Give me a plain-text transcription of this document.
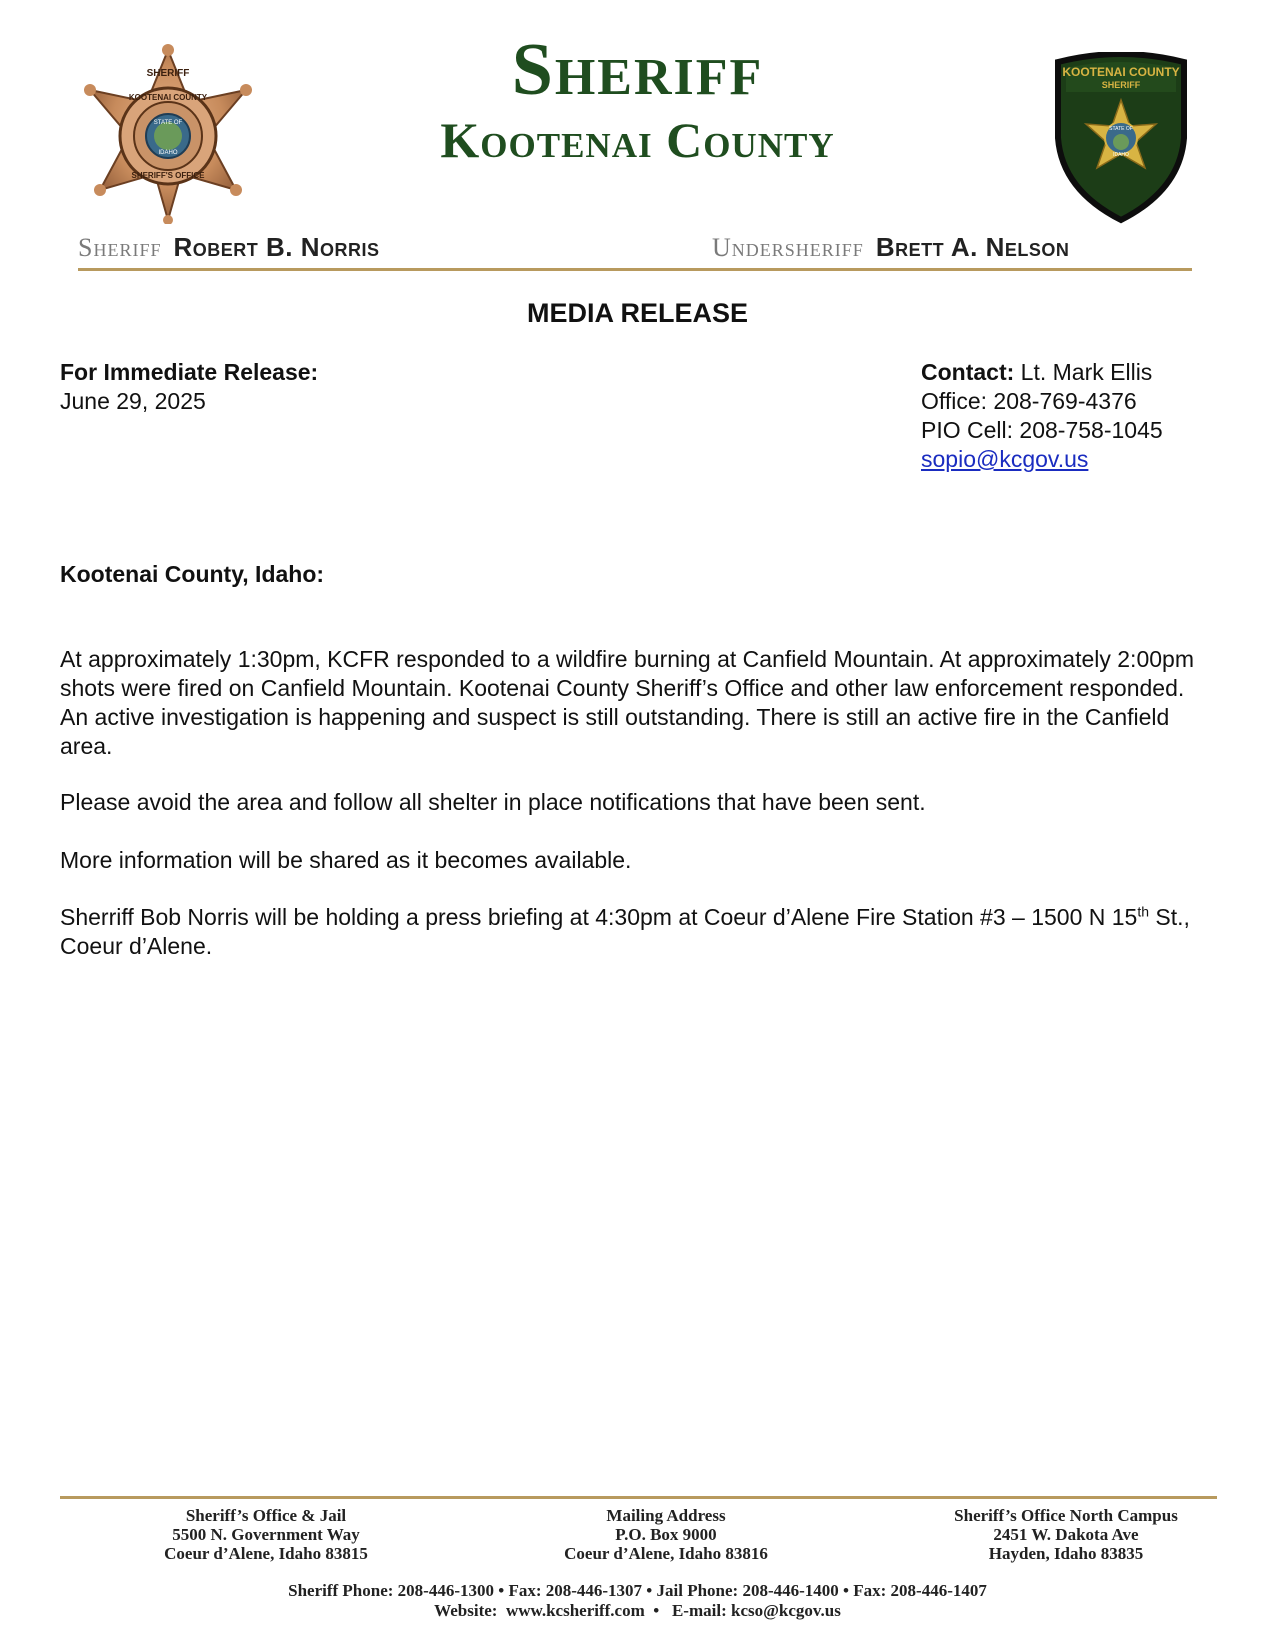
SHERIFF
KOOTENAI COUNTY
STATE OF
IDAHO
SHERIFF'S OFFICE
Sheriff
Kootenai County
KOOTENAI COUNTY
SHERIFF
STATE OF
IDAHO
Sheriff Robert B. Norris	Undersheriff Brett A. Nelson
MEDIA RELEASE
For Immediate Release:
June 29, 2025
Contact: Lt. Mark Ellis
Office: 208-769-4376
PIO Cell: 208-758-1045
sopio@kcgov.us
Kootenai County, Idaho:
At approximately 1:30pm, KCFR responded to a wildfire burning at Canfield Mountain. At approximately 2:00pm shots were fired on Canfield Mountain. Kootenai County Sheriff’s Office and other law enforcement responded. An active investigation is happening and suspect is still outstanding. There is still an active fire in the Canfield area.
Please avoid the area and follow all shelter in place notifications that have been sent.
More information will be shared as it becomes available.
Sherriff Bob Norris will be holding a press briefing at 4:30pm at Coeur d’Alene Fire Station #3 – 1500 N 15th St., Coeur d’Alene.
Sheriff’s Office & Jail
5500 N. Government Way
Coeur d’Alene, Idaho 83815
Mailing Address
P.O. Box 9000
Coeur d’Alene, Idaho 83816
Sheriff’s Office North Campus
2451 W. Dakota Ave
Hayden, Idaho 83835
Sheriff Phone: 208-446-1300 • Fax: 208-446-1307 • Jail Phone: 208-446-1400 • Fax: 208-446-1407
Website: www.kcsheriff.com  •   E-mail: kcso@kcgov.us
